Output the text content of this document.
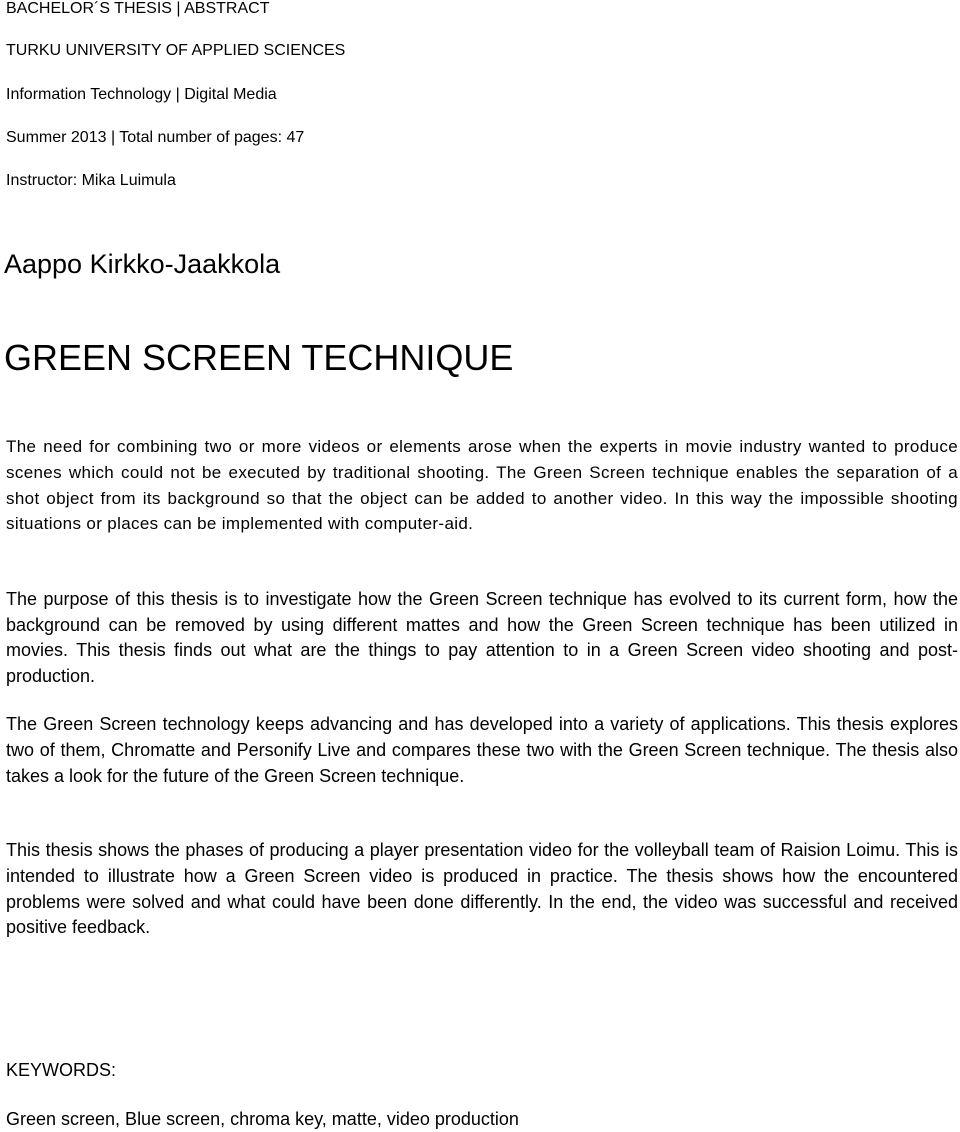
BACHELOR´S THESIS | ABSTRACT
TURKU UNIVERSITY OF APPLIED SCIENCES
Information Technology | Digital Media
Summer 2013 | Total number of pages: 47
Instructor: Mika Luimula
Aappo Kirkko-Jaakkola
GREEN SCREEN TECHNIQUE

The need for combining two or more videos or elements arose when the experts in movie industry wanted to produce scenes which could not be executed by traditional shooting. The Green Screen technique enables the separation of a shot object from its background so that the object can be added to another video. In this way the impossible shooting situations or places can be implemented with computer-aid.

The purpose of this thesis is to investigate how the Green Screen technique has evolved to its current form, how the background can be removed by using different mattes and how the Green Screen technique has been utilized in movies. This thesis finds out what are the things to pay attention to in a Green Screen video shooting and post-production.

The Green Screen technology keeps advancing and has developed into a variety of applications. This thesis explores two of them, Chromatte and Personify Live and compares these two with the Green Screen technique. The thesis also takes a look for the future of the Green Screen technique.

This thesis shows the phases of producing a player presentation video for the volleyball team of Raision Loimu. This is intended to illustrate how a Green Screen video is produced in practice. The thesis shows how the encountered problems were solved and what could have been done differently. In the end, the video was successful and received positive feedback.

KEYWORDS:
Green screen, Blue screen, chroma key, matte, video production
